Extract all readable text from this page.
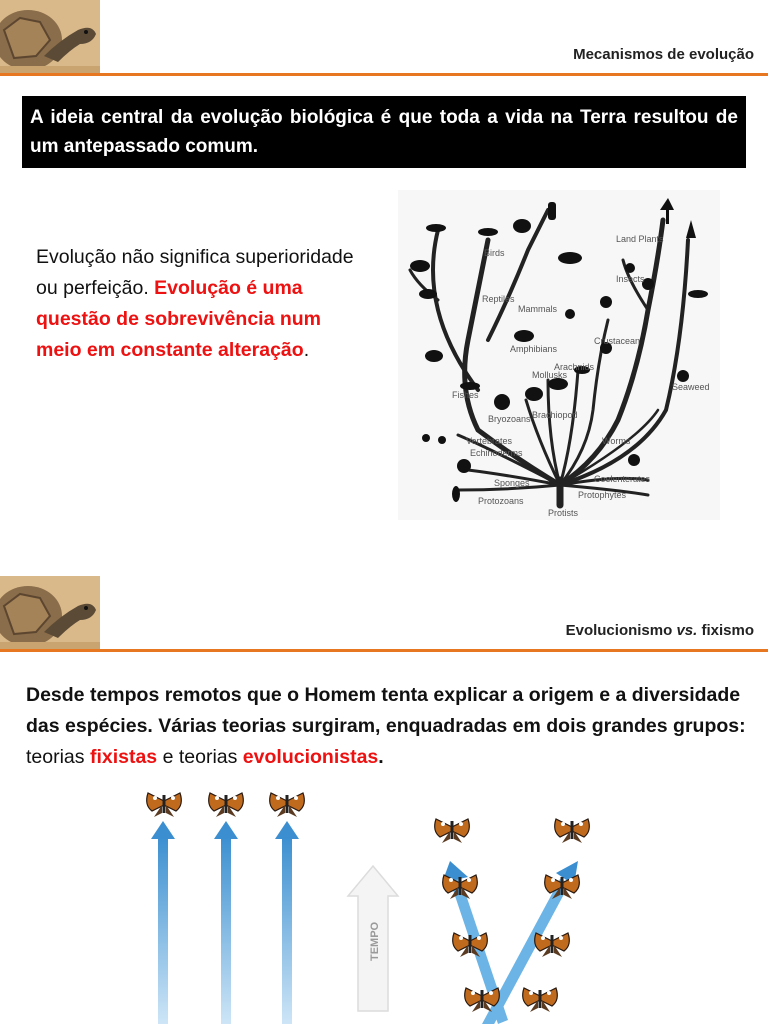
Mecanismos de evolução
A ideia central da evolução biológica é que toda a vida na Terra resultou de um antepassado comum.
Evolução não significa superioridade ou perfeição. Evolução é uma questão de sobrevivência num meio em constante alteração.
Birds
Reptiles
Mammals
Amphibians
Fishes
Land Plants
Insects
Arachnids
Crustacean
Mollusks
Seaweed
Bryozoans Brachiopod
Vertebrates
Echinoderms
Worms
Sponges	Coelenterates
Protophytes
Protozoans
Protists
Evolucionismo vs. fixismo
Desde tempos remotos que o Homem tenta explicar a origem e a diversidade das espécies. Várias teorias surgiram, enquadradas em dois grandes grupos: teorias fixistas e teorias evolucionistas.
TEMPO
